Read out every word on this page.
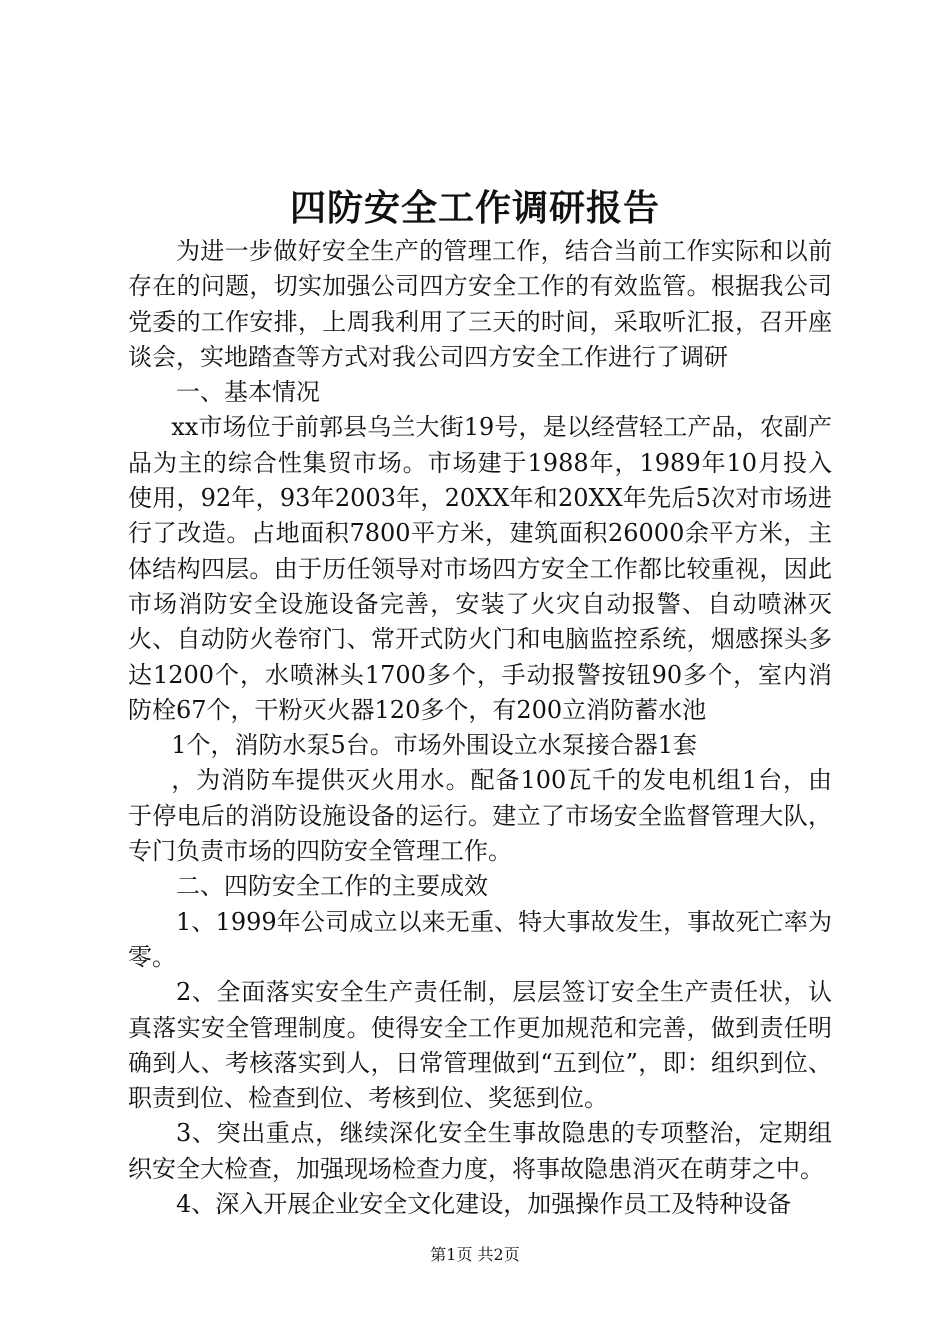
四防安全工作调研报告

为进一步做好安全生产的管理工作，结合当前工作实际和以前存在的问题，切实加强公司四方安全工作的有效监管。根据我公司党委的工作安排，上周我利用了三天的时间，采取听汇报，召开座谈会，实地踏查等方式对我公司四方安全工作进行了调研

一、基本情况

xx市场位于前郭县乌兰大街19号，是以经营轻工产品，农副产品为主的综合性集贸市场。市场建于1988年，1989年10月投入使用，92年，93年2003年，20XX年和20XX年先后5次对市场进行了改造。占地面积7800平方米，建筑面积26000余平方米，主体结构四层。由于历任领导对市场四方安全工作都比较重视，因此市场消防安全设施设备完善，安装了火灾自动报警、自动喷淋灭火、自动防火卷帘门、常开式防火门和电脑监控系统，烟感探头多达1200个，水喷淋头1700多个，手动报警按钮90多个，室内消防栓67个，干粉灭火器120多个，有200立消防蓄水池

1个，消防水泵5台。市场外围设立水泵接合器1套

，为消防车提供灭火用水。配备100瓦千的发电机组1台，由于停电后的消防设施设备的运行。建立了市场安全监督管理大队，专门负责市场的四防安全管理工作。

二、四防安全工作的主要成效

1、1999年公司成立以来无重、特大事故发生，事故死亡率为零。

2、全面落实安全生产责任制，层层签订安全生产责任状，认真落实安全管理制度。使得安全工作更加规范和完善，做到责任明确到人、考核落实到人，日常管理做到“五到位”，即：组织到位、职责到位、检查到位、考核到位、奖惩到位。

3、突出重点，继续深化安全生事故隐患的专项整治，定期组织安全大检查，加强现场检查力度，将事故隐患消灭在萌芽之中。

4、深入开展企业安全文化建设，加强操作员工及特种设备

第1页 共2页
